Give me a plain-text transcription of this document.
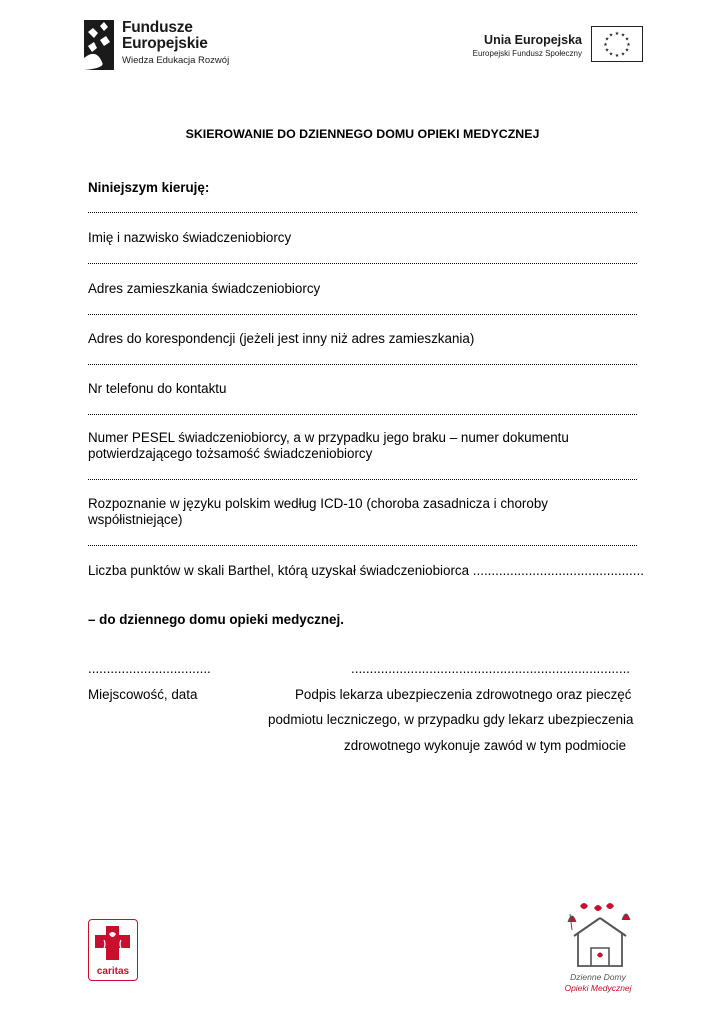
Fundusze
Europejskie
Wiedza Edukacja Rozwój
Unia Europejska
Europejski Fundusz Społeczny
★ ★
★
★
★
★
★
★
★
★
★
★
SKIEROWANIE DO DZIENNEGO DOMU OPIEKI MEDYCZNEJ
Niniejszym kieruję:
Imię i nazwisko świadczeniobiorcy
Adres zamieszkania świadczeniobiorcy
Adres do korespondencji (jeżeli jest inny niż adres zamieszkania)
Nr telefonu do kontaktu
Numer PESEL świadczeniobiorcy, a w przypadku jego braku – numer dokumentu
potwierdzającego tożsamość świadczeniobiorcy
Rozpoznanie w języku polskim według ICD-10 (choroba zasadnicza i choroby
współistniejące)
Liczba punktów w skali Barthel, którą uzyskał świadczeniobiorca ..............................................
– do dziennego domu opieki medycznej.
.................................	...........................................................................
Miejscowość, data	Podpis lekarza ubezpieczenia zdrowotnego oraz pieczęć
podmiotu leczniczego, w przypadku gdy lekarz ubezpieczenia
zdrowotnego wykonuje zawód w tym podmiocie
caritas	Dzienne Domy
Opieki Medycznej
